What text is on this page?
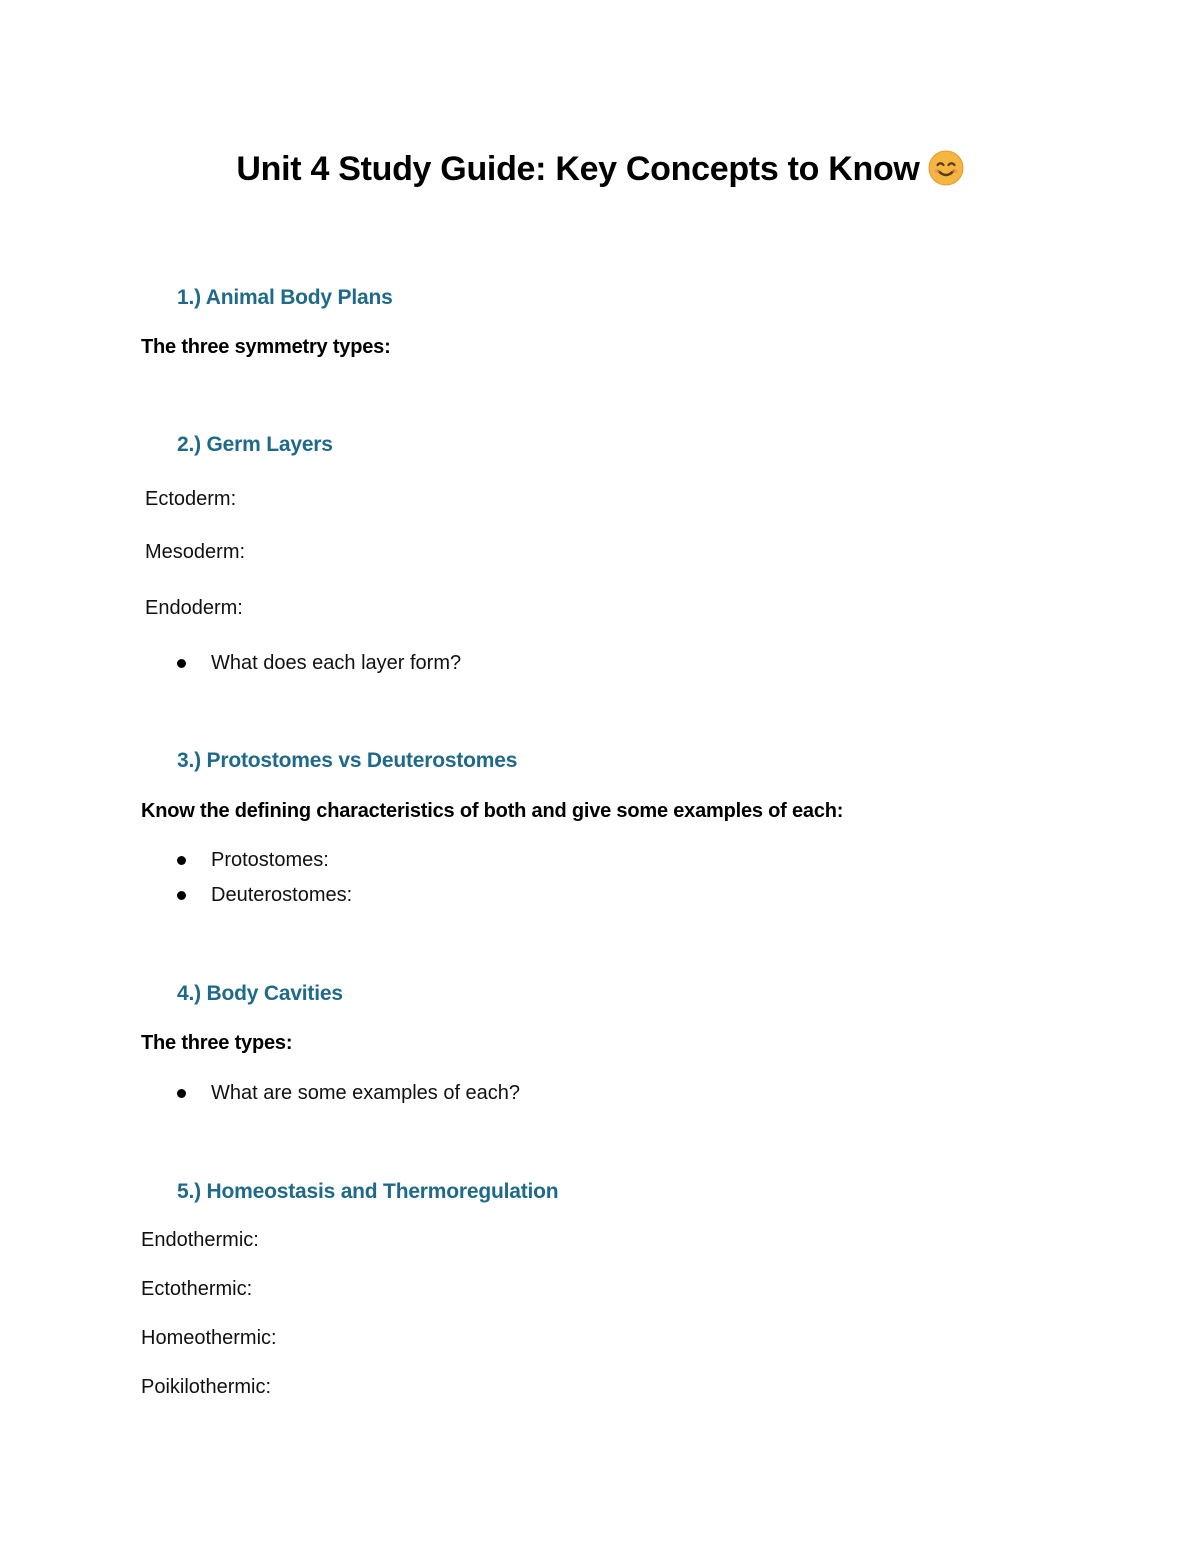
Unit 4 Study Guide: Key Concepts to Know
1.) Animal Body Plans
The three symmetry types:
2.) Germ Layers
Ectoderm:
Mesoderm:
Endoderm:
What does each layer form?
3.) Protostomes vs Deuterostomes
Know the defining characteristics of both and give some examples of each:
Protostomes:
Deuterostomes:
4.) Body Cavities
The three types:
What are some examples of each?
5.) Homeostasis and Thermoregulation
Endothermic:
Ectothermic:
Homeothermic:
Poikilothermic:
